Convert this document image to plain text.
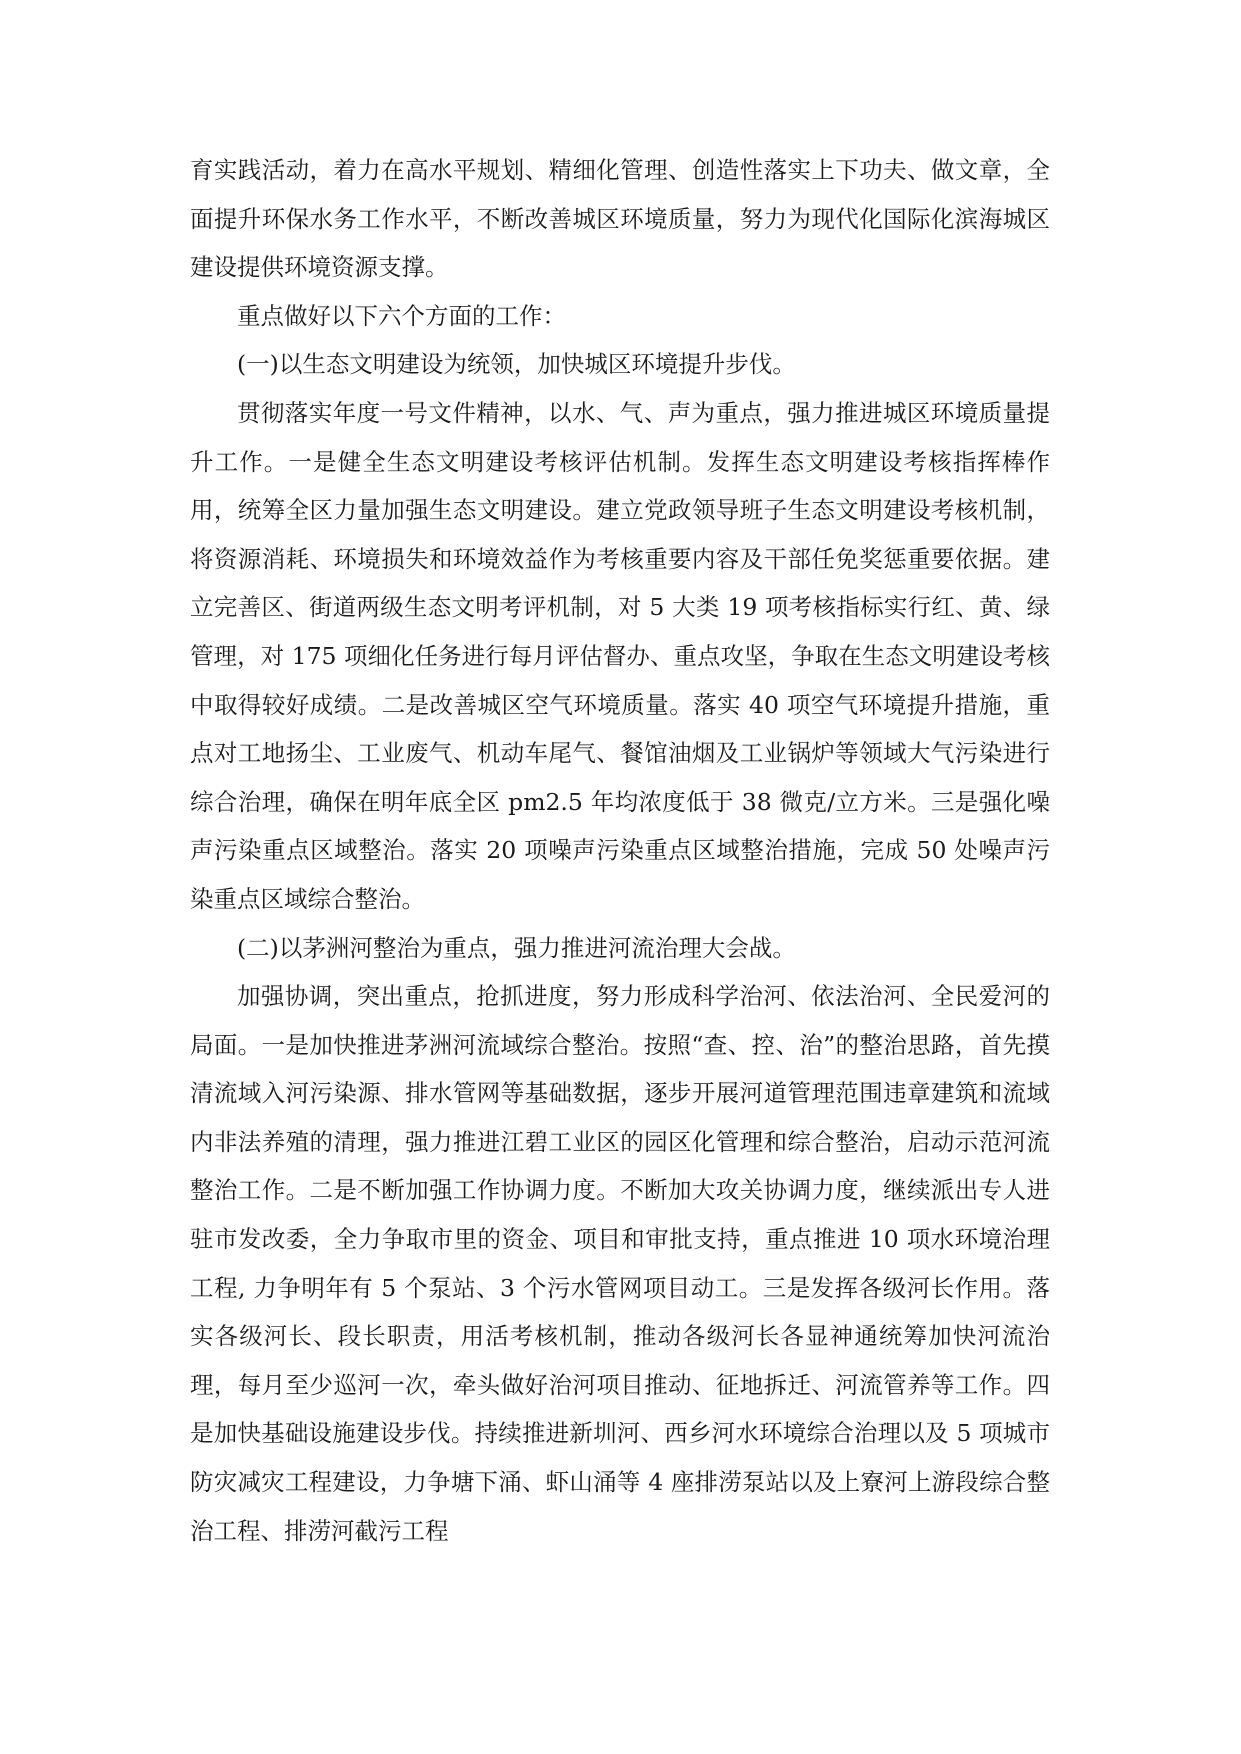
育实践活动，着力在高水平规划、精细化管理、创造性落实上下功夫、做文章，全面提升环保水务工作水平，不断改善城区环境质量，努力为现代化国际化滨海城区建设提供环境资源支撑。

重点做好以下六个方面的工作：

(一)以生态文明建设为统领，加快城区环境提升步伐。

贯彻落实年度一号文件精神，以水、气、声为重点，强力推进城区环境质量提升工作。一是健全生态文明建设考核评估机制。发挥生态文明建设考核指挥棒作用，统筹全区力量加强生态文明建设。建立党政领导班子生态文明建设考核机制，将资源消耗、环境损失和环境效益作为考核重要内容及干部任免奖惩重要依据。建立完善区、街道两级生态文明考评机制，对 5 大类 19 项考核指标实行红、黄、绿管理，对 175 项细化任务进行每月评估督办、重点攻坚，争取在生态文明建设考核中取得较好成绩。二是改善城区空气环境质量。落实 40 项空气环境提升措施，重点对工地扬尘、工业废气、机动车尾气、餐馆油烟及工业锅炉等领域大气污染进行综合治理，确保在明年底全区 pm2.5 年均浓度低于 38 微克/立方米。三是强化噪声污染重点区域整治。落实 20 项噪声污染重点区域整治措施，完成 50 处噪声污染重点区域综合整治。

(二)以茅洲河整治为重点，强力推进河流治理大会战。

加强协调，突出重点，抢抓进度，努力形成科学治河、依法治河、全民爱河的局面。一是加快推进茅洲河流域综合整治。按照“查、控、治”的整治思路，首先摸清流域入河污染源、排水管网等基础数据，逐步开展河道管理范围违章建筑和流域内非法养殖的清理，强力推进江碧工业区的园区化管理和综合整治，启动示范河流整治工作。二是不断加强工作协调力度。不断加大攻关协调力度，继续派出专人进驻市发改委，全力争取市里的资金、项目和审批支持，重点推进 10 项水环境治理工程, 力争明年有 5 个泵站、3 个污水管网项目动工。三是发挥各级河长作用。落实各级河长、段长职责，用活考核机制，推动各级河长各显神通统筹加快河流治理，每月至少巡河一次，牵头做好治河项目推动、征地拆迁、河流管养等工作。四是加快基础设施建设步伐。持续推进新圳河、西乡河水环境综合治理以及 5 项城市防灾减灾工程建设，力争塘下涌、虾山涌等 4 座排涝泵站以及上寮河上游段综合整治工程、排涝河截污工程
